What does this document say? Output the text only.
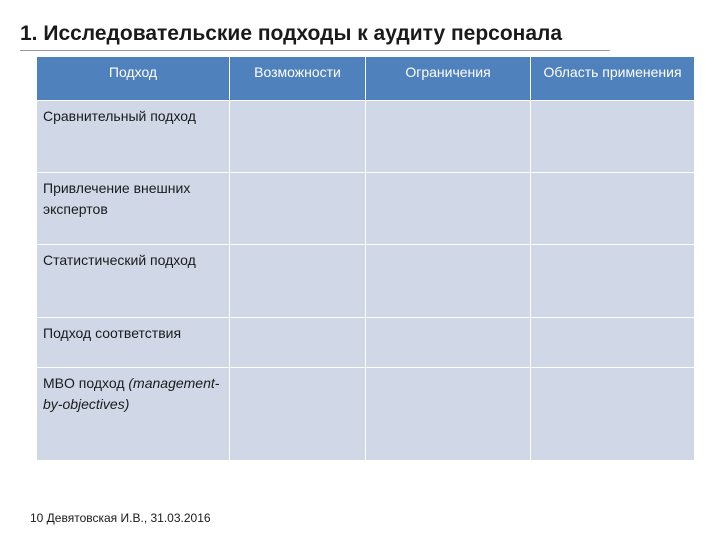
1. Исследовательские подходы к аудиту персонала
Подход	Возможности	Ограничения	Область применения
Сравнительный подход			
Привлечение внешних экспертов			
Статистический подход			
Подход соответствия			
MBO подход (management-by-objectives)			
10 Девятовская И.В., 31.03.2016
